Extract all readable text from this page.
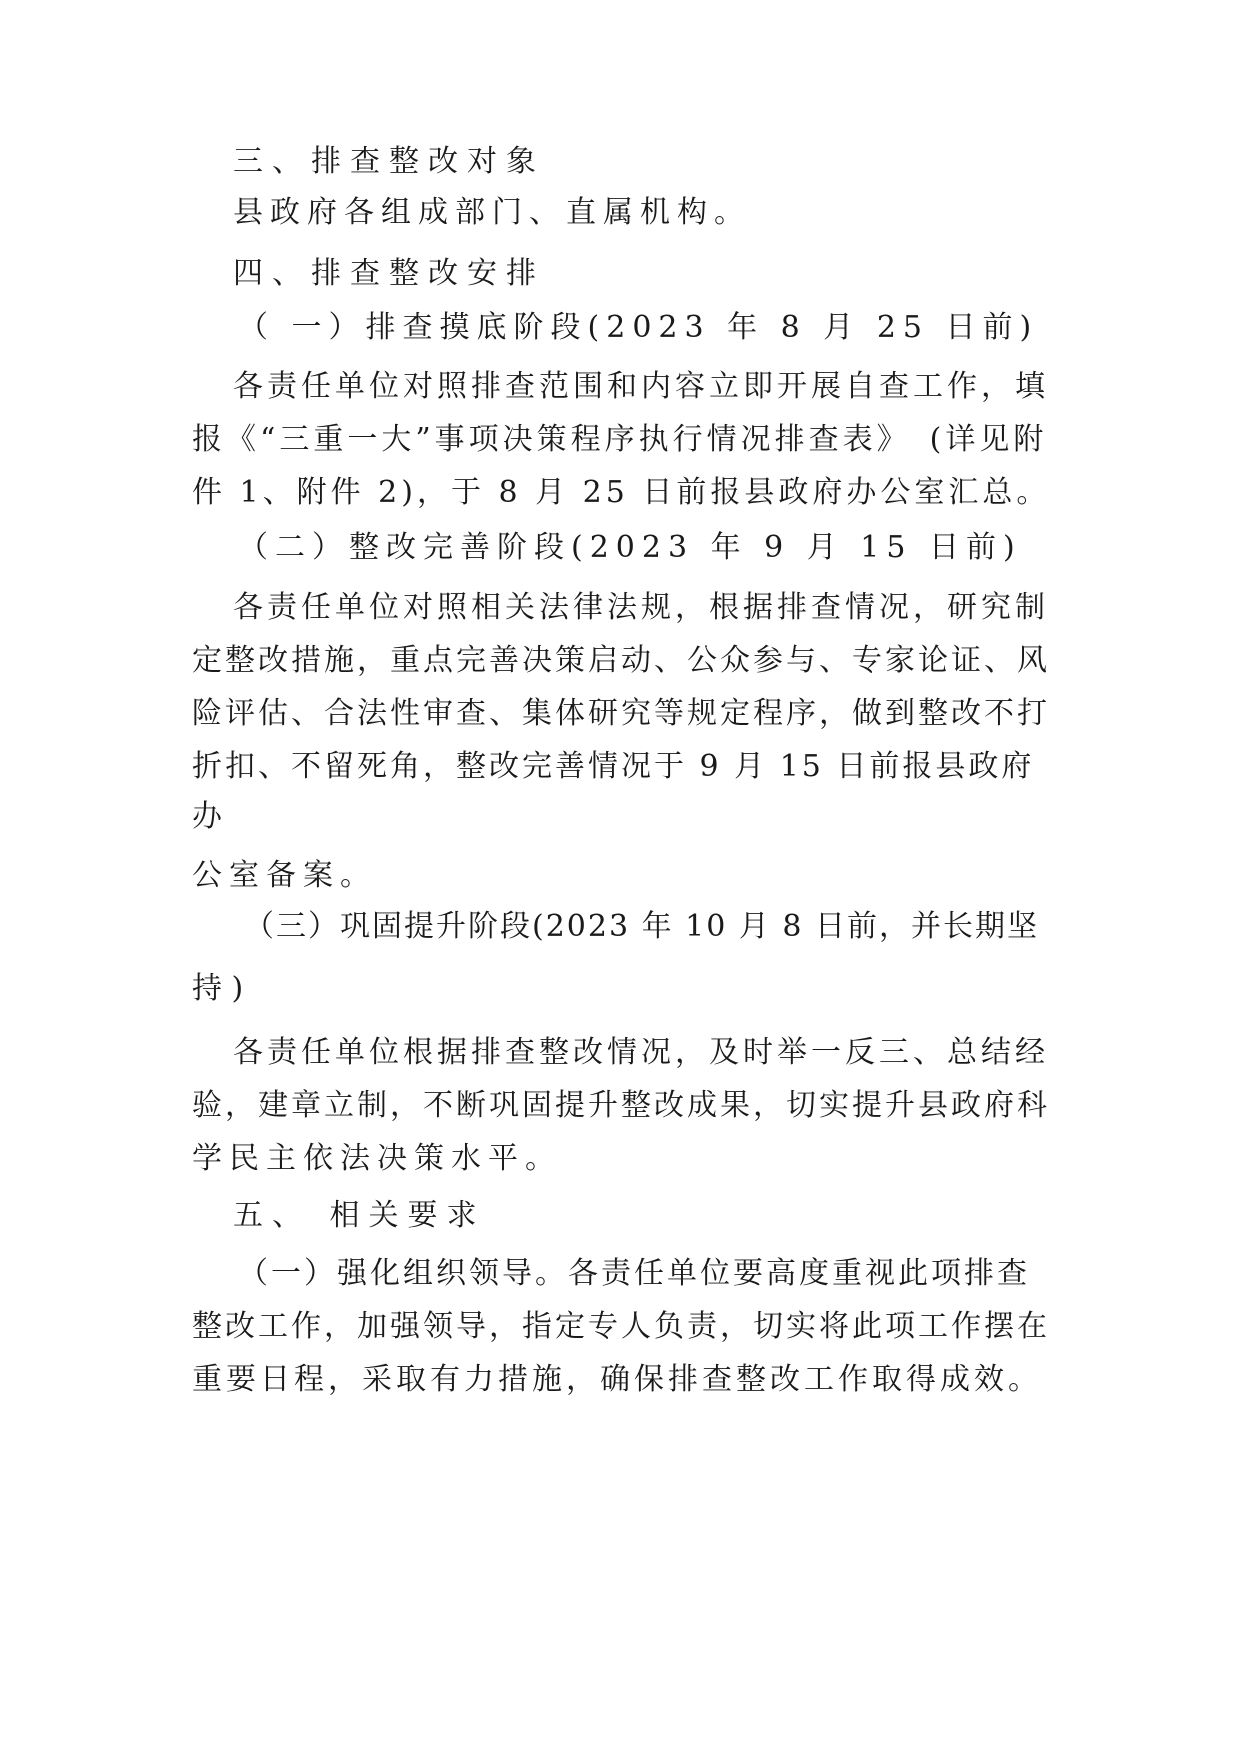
三、排查整改对象
县政府各组成部门、直属机构。
四、排查整改安排
（ 一）排查摸底阶段(2023 年 8 月 25 日前)
各责任单位对照排查范围和内容立即开展自查工作，填
报《“三重一大”事项决策程序执行情况排查表》　(详见附
件 1、附件 2)，于 8 月 25 日前报县政府办公室汇总。
（二）整改完善阶段(2023 年 9 月 15 日前)
各责任单位对照相关法律法规，根据排查情况，研究制
定整改措施，重点完善决策启动、公众参与、专家论证、风
险评估、合法性审查、集体研究等规定程序，做到整改不打
折扣、不留死角，整改完善情况于 9 月 15 日前报县政府
办
公室备案。
（三）巩固提升阶段(2023 年 10 月 8 日前，并长期坚
持 )
各责任单位根据排查整改情况，及时举一反三、总结经
验，建章立制，不断巩固提升整改成果，切实提升县政府科
学民主依法决策水平。
五、 相关要求
（一）强化组织领导。各责任单位要高度重视此项排查
整改工作，加强领导，指定专人负责，切实将此项工作摆在
重要日程，采取有力措施，确保排查整改工作取得成效。
